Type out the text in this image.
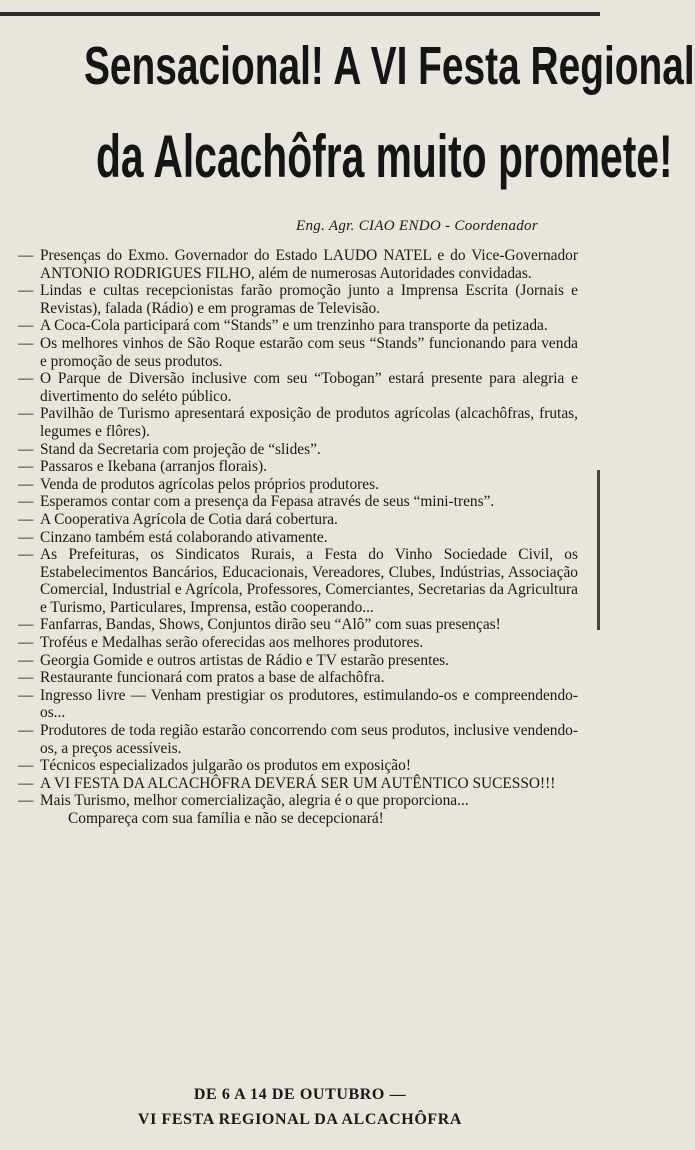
Sensacional! A VI Festa Regional
da Alcachôfra muito promete!
Eng. Agr. CIAO ENDO - Coordenador

— Presenças do Exmo. Governador do Estado LAUDO NATEL e do Vice-Governador ANTONIO RODRIGUES FILHO, além de numerosas Autoridades convidadas.

— Lindas e cultas recepcionistas farão promoção junto a Imprensa Escrita (Jornais e Revistas), falada (Rádio) e em programas de Televisão.

— A Coca-Cola participará com “Stands” e um trenzinho para transporte da petizada.

— Os melhores vinhos de São Roque estarão com seus “Stands” funcionando para venda e promoção de seus produtos.

— O Parque de Diversão inclusive com seu “Tobogan” estará presente para alegria e divertimento do seléto público.

— Pavilhão de Turismo apresentará exposição de produtos agrícolas (alcachôfras, frutas, legumes e flôres).

— Stand da Secretaria com projeção de “slides”.

— Passaros e Ikebana (arranjos florais).

— Venda de produtos agrícolas pelos próprios produtores.

— Esperamos contar com a presença da Fepasa através de seus “mini-trens”.

— A Cooperativa Agrícola de Cotia dará cobertura.

— Cinzano também está colaborando ativamente.

— As Prefeituras, os Sindicatos Rurais, a Festa do Vinho Sociedade Civil, os Estabelecimentos Bancários, Educacionais, Vereadores, Clubes, Indústrias, Associação Comercial, Industrial e Agrícola, Professores, Comerciantes, Secretarias da Agricultura e Turismo, Particulares, Imprensa, estão cooperando...

— Fanfarras, Bandas, Shows, Conjuntos dirão seu “Alô” com suas presenças!

— Troféus e Medalhas serão oferecidas aos melhores produtores.

— Georgia Gomide e outros artistas de Rádio e TV estarão presentes.

— Restaurante funcionará com pratos a base de alfachôfra.

— Ingresso livre — Venham prestigiar os produtores, estimulando-os e compreendendo-os...

— Produtores de toda região estarão concorrendo com seus produtos, inclusive vendendo-os, a preços acessíveis.

— Técnicos especializados julgarão os produtos em exposição!

— A VI FESTA DA ALCACHÔFRA DEVERÁ SER UM AUTÊNTICO SUCESSO!!!

— Mais Turismo, melhor comercialização, alegria é o que proporciona...

Compareça com sua família e não se decepcionará!

DE 6 A 14 DE OUTUBRO —
VI FESTA REGIONAL DA ALCACHÔFRA
